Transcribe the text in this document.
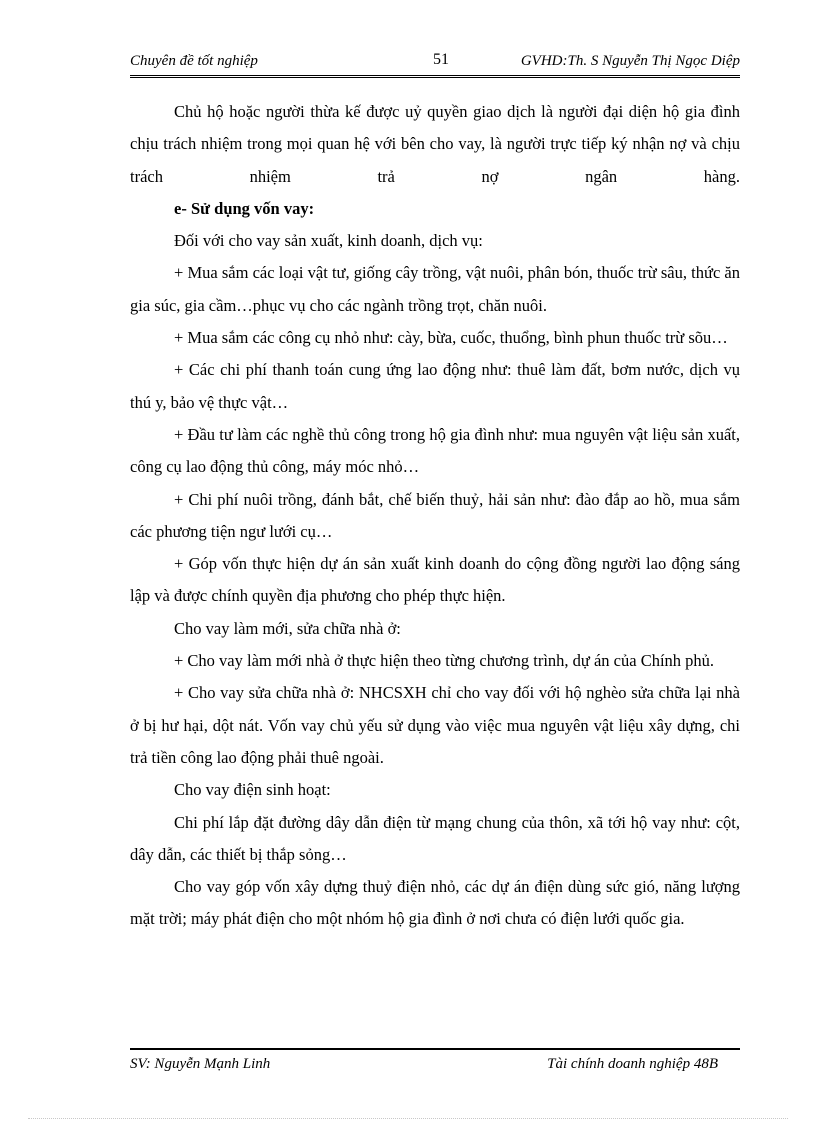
Chuyên đề tốt nghiệp	51	GVHD:Th. S Nguyễn Thị Ngọc Diệp

Chủ hộ hoặc người thừa kế được uỷ quyền giao dịch là người đại diện hộ gia đình chịu trách nhiệm trong mọi quan hệ với bên cho vay, là người trực tiếp ký nhận nợ và chịu trách nhiệm trả nợ ngân hàng.

e- Sử dụng vốn vay:

Đối với cho vay sản xuất, kinh doanh, dịch vụ:

+ Mua sắm các loại vật tư, giống cây trồng, vật nuôi, phân bón, thuốc trừ sâu, thức ăn gia súc, gia cầm…phục vụ cho các ngành trồng trọt, chăn nuôi.

+ Mua sắm các công cụ nhỏ như: cày, bừa, cuốc, thuổng, bình phun thuốc trừ sõu…

+ Các chi phí thanh toán cung ứng lao động như: thuê làm đất, bơm nước, dịch vụ thú y, bảo vệ thực vật…

+ Đầu tư làm các nghề thủ công trong hộ gia đình như: mua nguyên vật liệu sản xuất, công cụ lao động thủ công, máy móc nhỏ…

+ Chi phí nuôi trồng, đánh bắt, chế biến thuỷ, hải sản như: đào đắp ao hồ, mua sắm các phương tiện ngư lưới cụ…

+ Góp vốn thực hiện dự án sản xuất kinh doanh do cộng đồng người lao động sáng lập và được chính quyền địa phương cho phép thực hiện.

Cho vay làm mới, sửa chữa nhà ở:

+ Cho vay làm mới nhà ở thực hiện theo từng chương trình, dự án của Chính phủ.

+ Cho vay sửa chữa nhà ở: NHCSXH chỉ cho vay đối với hộ nghèo sửa chữa lại nhà ở bị hư hại, dột nát. Vốn vay chủ yếu sử dụng vào việc mua nguyên vật liệu xây dựng, chi trả tiền công lao động phải thuê ngoài.

Cho vay điện sinh hoạt:

Chi phí lắp đặt đường dây dẫn điện từ mạng chung của thôn, xã tới hộ vay như: cột, dây dẫn, các thiết bị thắp sỏng…

Cho vay góp vốn xây dựng thuỷ điện nhỏ, các dự án điện dùng sức gió, năng lượng mặt trời; máy phát điện cho một nhóm hộ gia đình ở nơi chưa có điện lưới quốc gia.

SV: Nguyễn Mạnh Linh	Tài chính doanh nghiệp 48B
